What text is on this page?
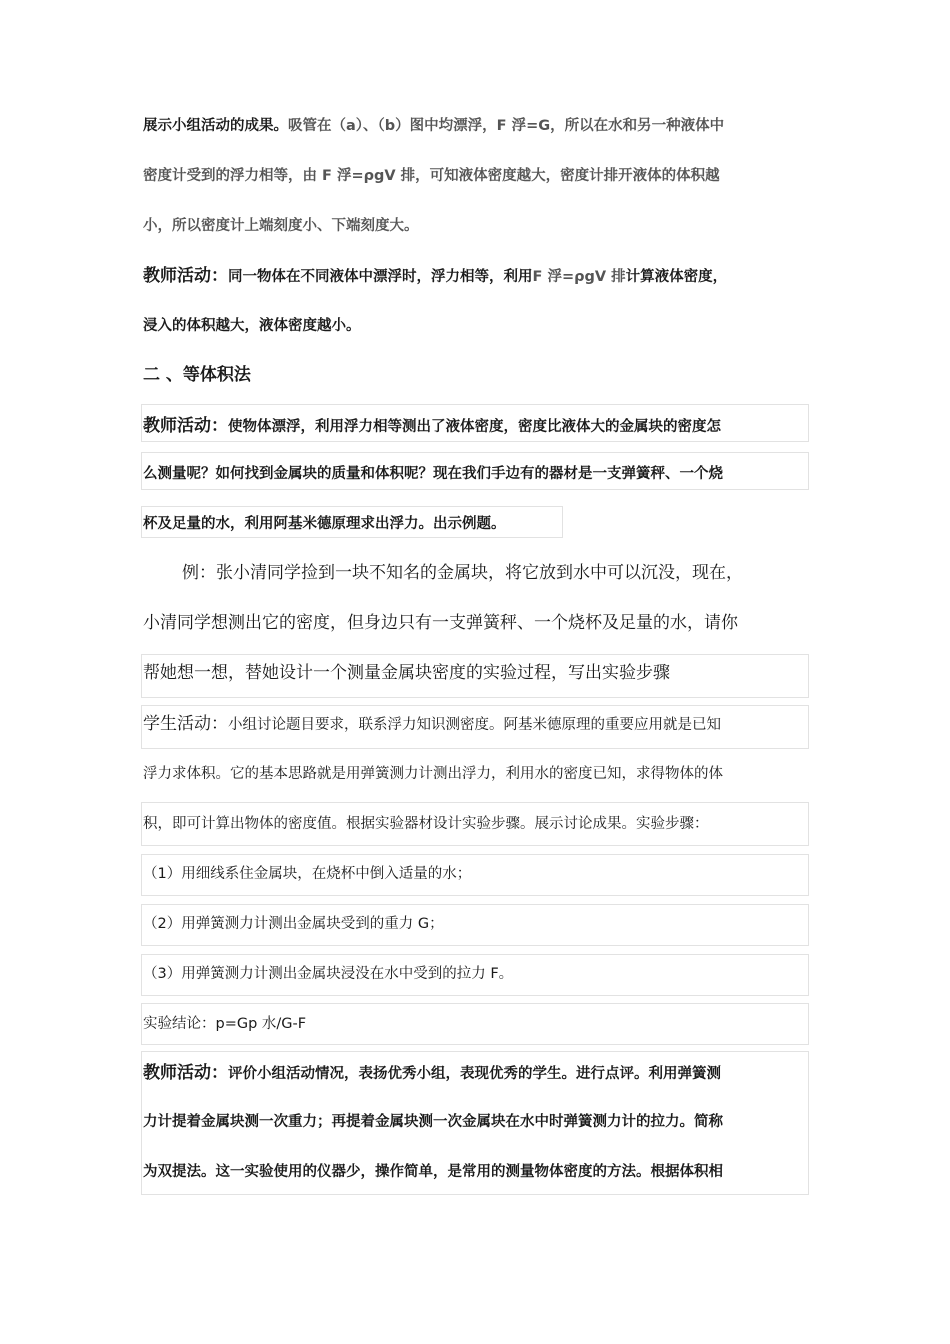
展示小组活动的成果。吸管在（a）、（b）图中均漂浮，F 浮=G，所以在水和另一种液体中
密度计受到的浮力相等，由 F 浮=ρgV 排，可知液体密度越大，密度计排开液体的体积越
小，所以密度计上端刻度小、下端刻度大。
教师活动：同一物体在不同液体中漂浮时，浮力相等，利用F 浮=ρgV 排计算液体密度，
浸入的体积越大，液体密度越小。
二 、等体积法
教师活动：使物体漂浮，利用浮力相等测出了液体密度，密度比液体大的金属块的密度怎
么测量呢？如何找到金属块的质量和体积呢？现在我们手边有的器材是一支弹簧秤、一个烧
杯及足量的水，利用阿基米德原理求出浮力。出示例题。
例：张小清同学捡到一块不知名的金属块，将它放到水中可以沉没，现在，
小清同学想测出它的密度，但身边只有一支弹簧秤、一个烧杯及足量的水，请你
帮她想一想，替她设计一个测量金属块密度的实验过程，写出实验步骤
学生活动：小组讨论题目要求，联系浮力知识测密度。阿基米德原理的重要应用就是已知
浮力求体积。它的基本思路就是用弹簧测力计测出浮力，利用水的密度已知，求得物体的体
积，即可计算出物体的密度值。根据实验器材设计实验步骤。展示讨论成果。实验步骤：
（1）用细线系住金属块，在烧杯中倒入适量的水；
（2）用弹簧测力计测出金属块受到的重力 G；
（3）用弹簧测力计测出金属块浸没在水中受到的拉力 F。
实验结论：p=Gp 水/G-F
教师活动：评价小组活动情况，表扬优秀小组，表现优秀的学生。进行点评。利用弹簧测
力计提着金属块测一次重力；再提着金属块测一次金属块在水中时弹簧测力计的拉力。简称
为双提法。这一实验使用的仪器少，操作简单，是常用的测量物体密度的方法。根据体积相
